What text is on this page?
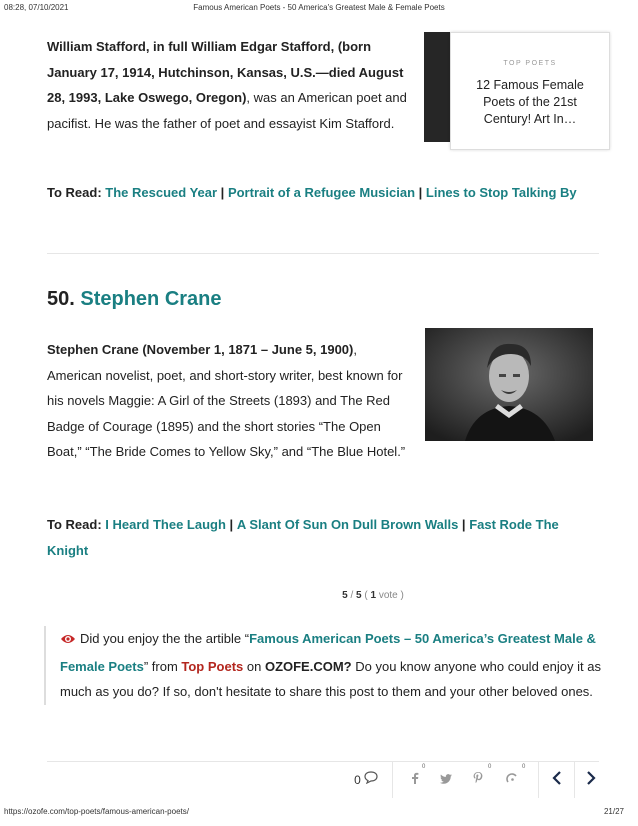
08:28, 07/10/2021	Famous American Poets - 50 America's Greatest Male & Female Poets
William Stafford, in full William Edgar Stafford, (born January 17, 1914, Hutchinson, Kansas, U.S.—died August 28, 1993, Lake Oswego, Oregon), was an American poet and pacifist. He was the father of poet and essayist Kim Stafford.
TOP POETS
12 Famous Female Poets of the 21st Century! Art In…
To Read: The Rescued Year | Portrait of a Refugee Musician | Lines to Stop Talking By
50. Stephen Crane
Stephen Crane (November 1, 1871 – June 5, 1900), American novelist, poet, and short-story writer, best known for his novels Maggie: A Girl of the Streets (1893) and The Red Badge of Courage (1895) and the short stories “The Open Boat,” “The Bride Comes to Yellow Sky,” and “The Blue Hotel.”
To Read: I Heard Thee Laugh | A Slant Of Sun On Dull Brown Walls | Fast Rode The Knight
5 / 5 ( 1 vote )
Did you enjoy the the artible “Famous American Poets – 50 America’s Greatest Male & Female Poets” from Top Poets on OZOFE.COM? Do you know anyone who could enjoy it as much as you do? If so, don't hesitate to share this post to them and your other beloved ones.
0
0	0	0
https://ozofe.com/top-poets/famous-american-poets/	21/27
